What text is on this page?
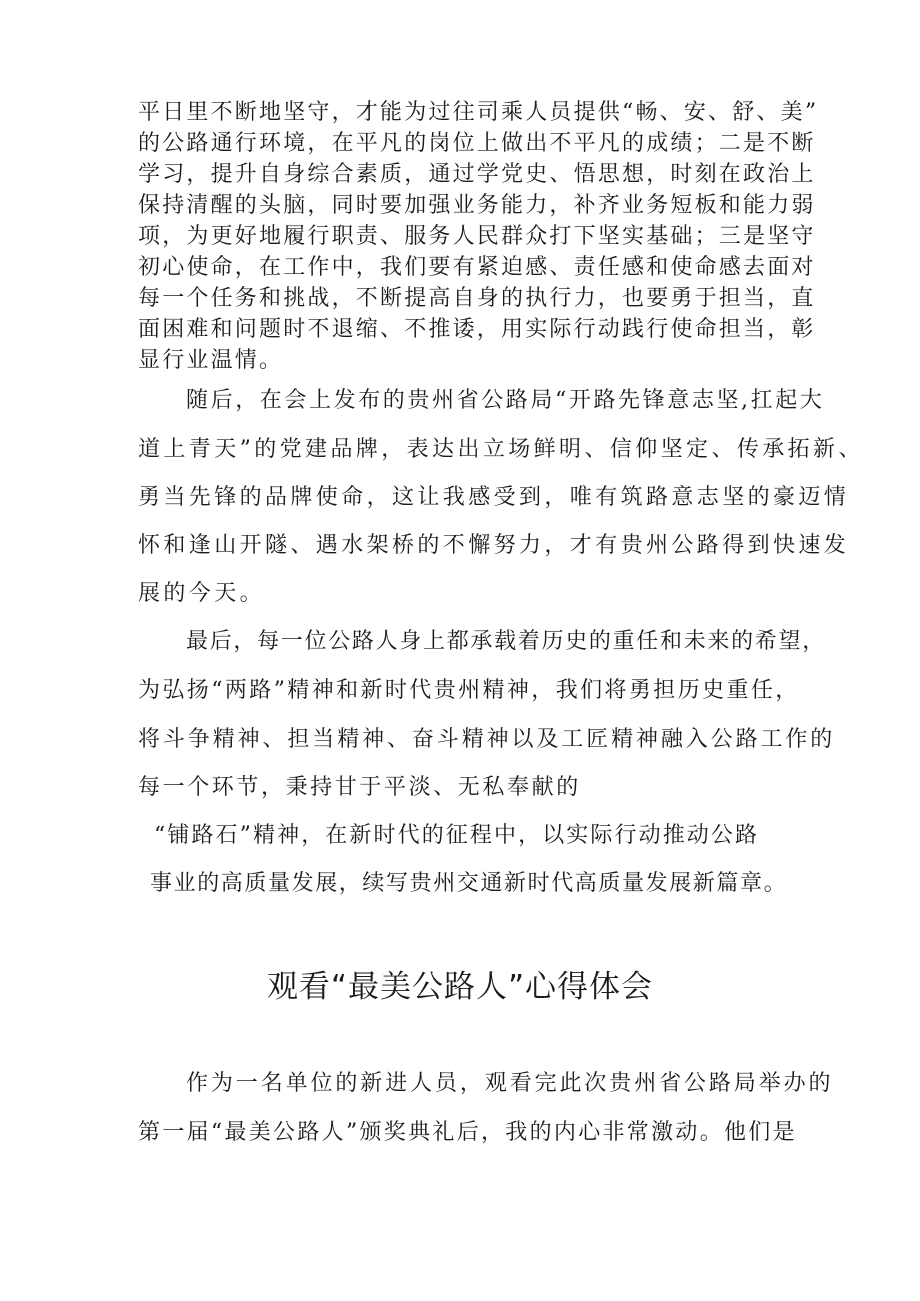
平日里不断地坚守，才能为过往司乘人员提供“畅、安、舒、美”
的公路通行环境，在平凡的岗位上做出不平凡的成绩；二是不断
学习，提升自身综合素质，通过学党史、悟思想，时刻在政治上
保持清醒的头脑，同时要加强业务能力，补齐业务短板和能力弱
项，为更好地履行职责、服务人民群众打下坚实基础；三是坚守
初心使命，在工作中，我们要有紧迫感、责任感和使命感去面对
每一个任务和挑战，不断提高自身的执行力，也要勇于担当，直
面困难和问题时不退缩、不推诿，用实际行动践行使命担当，彰
显行业温情。
随后，在会上发布的贵州省公路局“开路先锋意志坚,扛起大
道上青天”的党建品牌，表达出立场鲜明、信仰坚定、传承拓新、
勇当先锋的品牌使命，这让我感受到，唯有筑路意志坚的豪迈情
怀和逢山开隧、遇水架桥的不懈努力，才有贵州公路得到快速发
展的今天。
最后，每一位公路人身上都承载着历史的重任和未来的希望，
为弘扬“两路”精神和新时代贵州精神，我们将勇担历史重任，
将斗争精神、担当精神、奋斗精神以及工匠精神融入公路工作的
每一个环节，秉持甘于平淡、无私奉献的
“铺路石”精神，在新时代的征程中，以实际行动推动公路
事业的高质量发展，续写贵州交通新时代高质量发展新篇章。
观看“最美公路人”心得体会
作为一名单位的新进人员，观看完此次贵州省公路局举办的
第一届“最美公路人”颁奖典礼后，我的内心非常激动。他们是
